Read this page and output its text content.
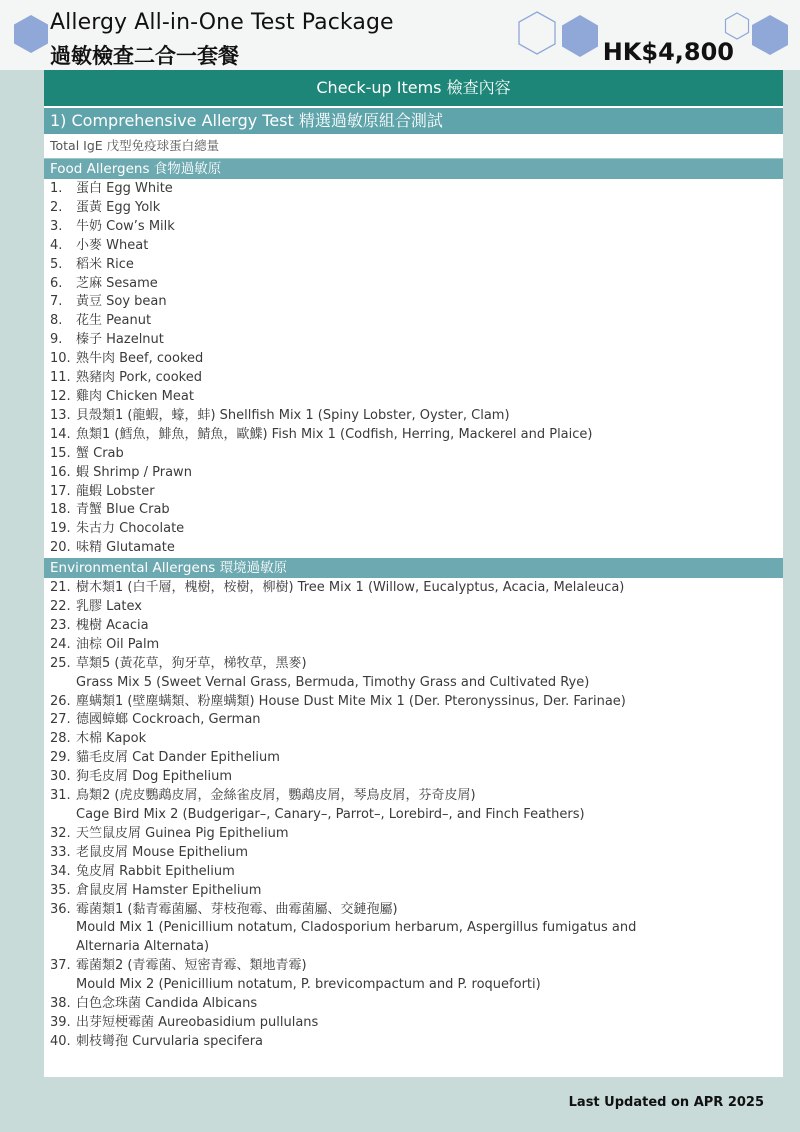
Allergy All-in-One Test Package
過敏檢查二合一套餐	HK$4,800
Check-up Items 檢查內容
1) Comprehensive Allergy Test 精選過敏原組合測試
Total IgE 戊型免疫球蛋白總量
Food Allergens 食物過敏原
1. 蛋白 Egg White
2. 蛋黃 Egg Yolk
3. 牛奶 Cow’s Milk
4. 小麥 Wheat
5. 稻米 Rice
6. 芝麻 Sesame
7. 黃豆 Soy bean
8. 花生 Peanut
9. 榛子 Hazelnut
10. 熟牛肉 Beef, cooked
11. 熟豬肉 Pork, cooked
12. 雞肉 Chicken Meat
13. 貝殼類1 (龍蝦，蠔，蚌) Shellfish Mix 1 (Spiny Lobster, Oyster, Clam)
14. 魚類1 (鱈魚，鯡魚，鯖魚，歐鰈) Fish Mix 1 (Codfish, Herring, Mackerel and Plaice)
15. 蟹 Crab
16. 蝦 Shrimp / Prawn
17. 龍蝦 Lobster
18. 青蟹 Blue Crab
19. 朱古力 Chocolate
20. 味精 Glutamate
Environmental Allergens 環境過敏原
21. 樹木類1 (白千層，槐樹，桉樹，柳樹) Tree Mix 1 (Willow, Eucalyptus, Acacia, Melaleuca)
22. 乳膠 Latex
23. 槐樹 Acacia
24. 油棕 Oil Palm
25. 草類5 (黃花草，狗牙草，梯牧草，黑麥)
Grass Mix 5 (Sweet Vernal Grass, Bermuda, Timothy Grass and Cultivated Rye)
26. 塵螨類1 (壁塵螨類、粉塵螨類) House Dust Mite Mix 1 (Der. Pteronyssinus, Der. Farinae)
27. 德國蟑螂 Cockroach, German
28. 木棉 Kapok
29. 貓毛皮屑 Cat Dander Epithelium
30. 狗毛皮屑 Dog Epithelium
31. 鳥類2 (虎皮鸚鵡皮屑，金絲雀皮屑，鸚鵡皮屑，琴鳥皮屑，芬奇皮屑)
Cage Bird Mix 2 (Budgerigar–, Canary–, Parrot–, Lorebird–, and Finch Feathers)
32. 天竺鼠皮屑 Guinea Pig Epithelium
33. 老鼠皮屑 Mouse Epithelium
34. 兔皮屑 Rabbit Epithelium
35. 倉鼠皮屑 Hamster Epithelium
36. 霉菌類1 (黏青霉菌屬、芽枝孢霉、曲霉菌屬、交鏈孢屬)
Mould Mix 1 (Penicillium notatum, Cladosporium herbarum, Aspergillus fumigatus and
Alternaria Alternata)
37. 霉菌類2 (青霉菌、短密青霉、類地青霉)
Mould Mix 2 (Penicillium notatum, P. brevicompactum and P. roqueforti)
38. 白色念珠菌 Candida Albicans
39. 出芽短梗霉菌 Aureobasidium pullulans
40. 刺枝彎孢 Curvularia specifera
Last Updated on APR 2025
